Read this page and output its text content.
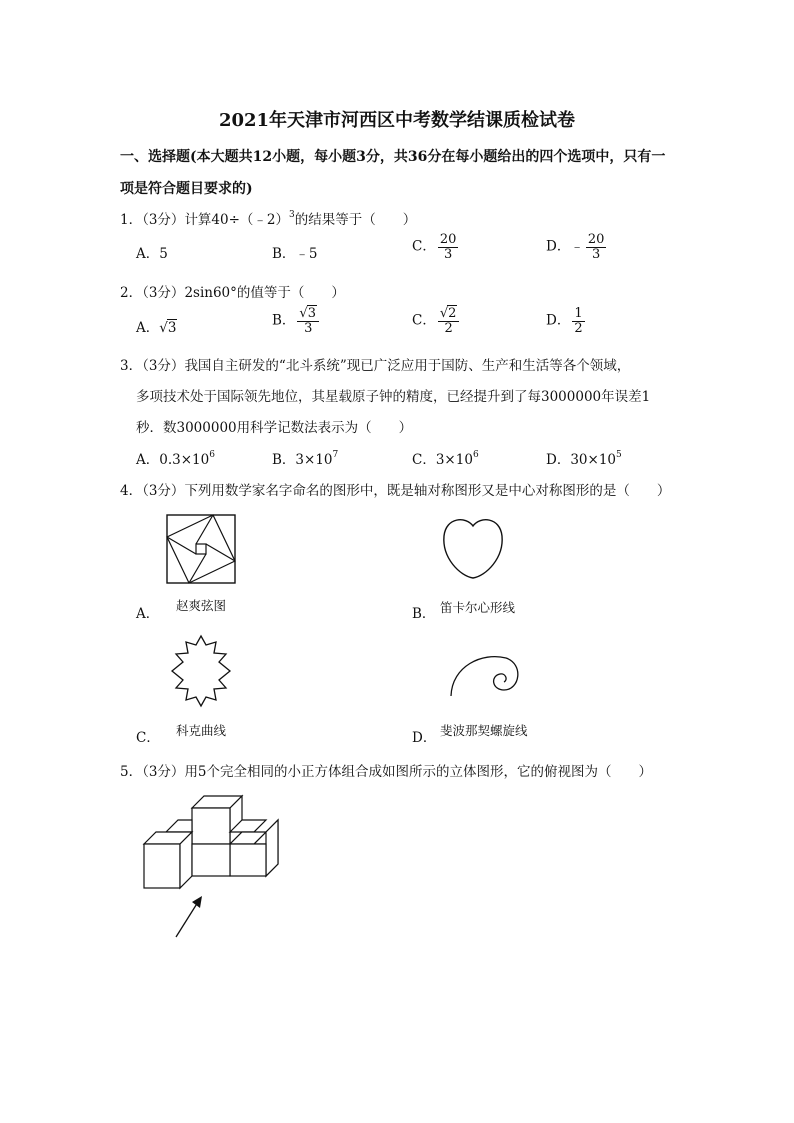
2021年天津市河西区中考数学结课质检试卷
一、选择题(本大题共12小题，每小题3分，共36分在每小题给出的四个选项中，只有一
项是符合题目要求的)
1．（3分）计算40÷（﹣2）$^3$的结果等于（　　）
A．5	B．﹣5	C． $\frac{20}{3}$	D．﹣ $\frac{20}{3}$
2．（3分）2sin60°的值等于（　　）
A．√3	B． $\frac{√3}{3}$	C． $\frac{√2}{2}$	D． $\frac{1}{2}$
3．（3分）我国自主研发的“北斗系统”现已广泛应用于国防、生产和生活等各个领域，
多项技术处于国际领先地位，其星载原子钟的精度，已经提升到了每3000000年误差1
秒．数3000000用科学记数法表示为（　　）
A．$0.3\times 10^6$	B．$3\times 10^7$	C．$3\times 10^6$	D．$30\times 10^5$
4．（3分）下列用数学家名字命名的图形中，既是轴对称图形又是中心对称图形的是（　　）
A．
赵爽弦图
B． 笛卡尔心形线
C． 科克曲线	D． 斐波那契螺旋线
5．（3分）用5个完全相同的小正方体组合成如图所示的立体图形，它的俯视图为（　　）
